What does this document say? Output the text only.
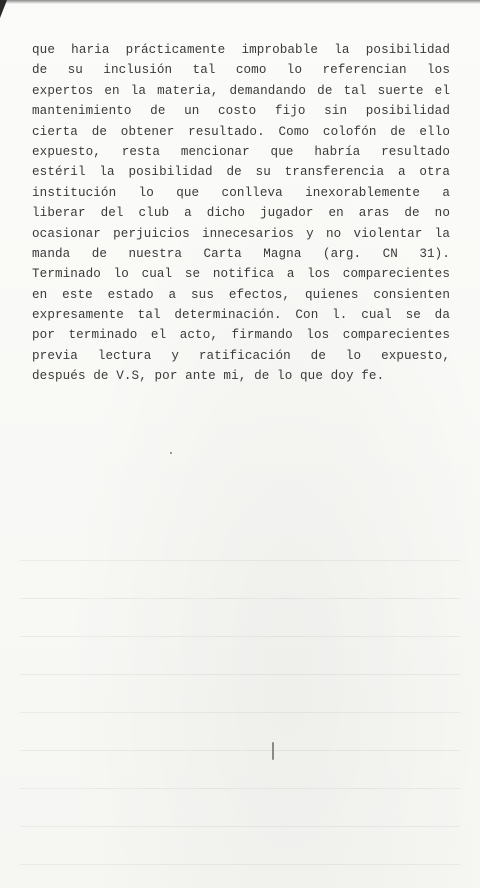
que haria prácticamente improbable la posibilidad
de su inclusión tal como lo referencian los
expertos en la materia, demandando de tal suerte el
mantenimiento de un costo fijo sin posibilidad
cierta de obtener resultado. Como colofón de ello
expuesto, resta mencionar que habría resultado
estéril la posibilidad de su transferencia a otra
institución lo que conlleva inexorablemente a
liberar del club a dicho jugador en aras de no
ocasionar perjuicios innecesarios y no violentar la
manda de nuestra Carta Magna (arg. CN 31).
Terminado lo cual se notifica a los comparecientes
en este estado a sus efectos, quienes consienten
expresamente tal determinación. Con l. cual se da
por terminado el acto, firmando los comparecientes
previa lectura y ratificación de lo expuesto,
después de V.S, por ante mi, de lo que doy fe.
